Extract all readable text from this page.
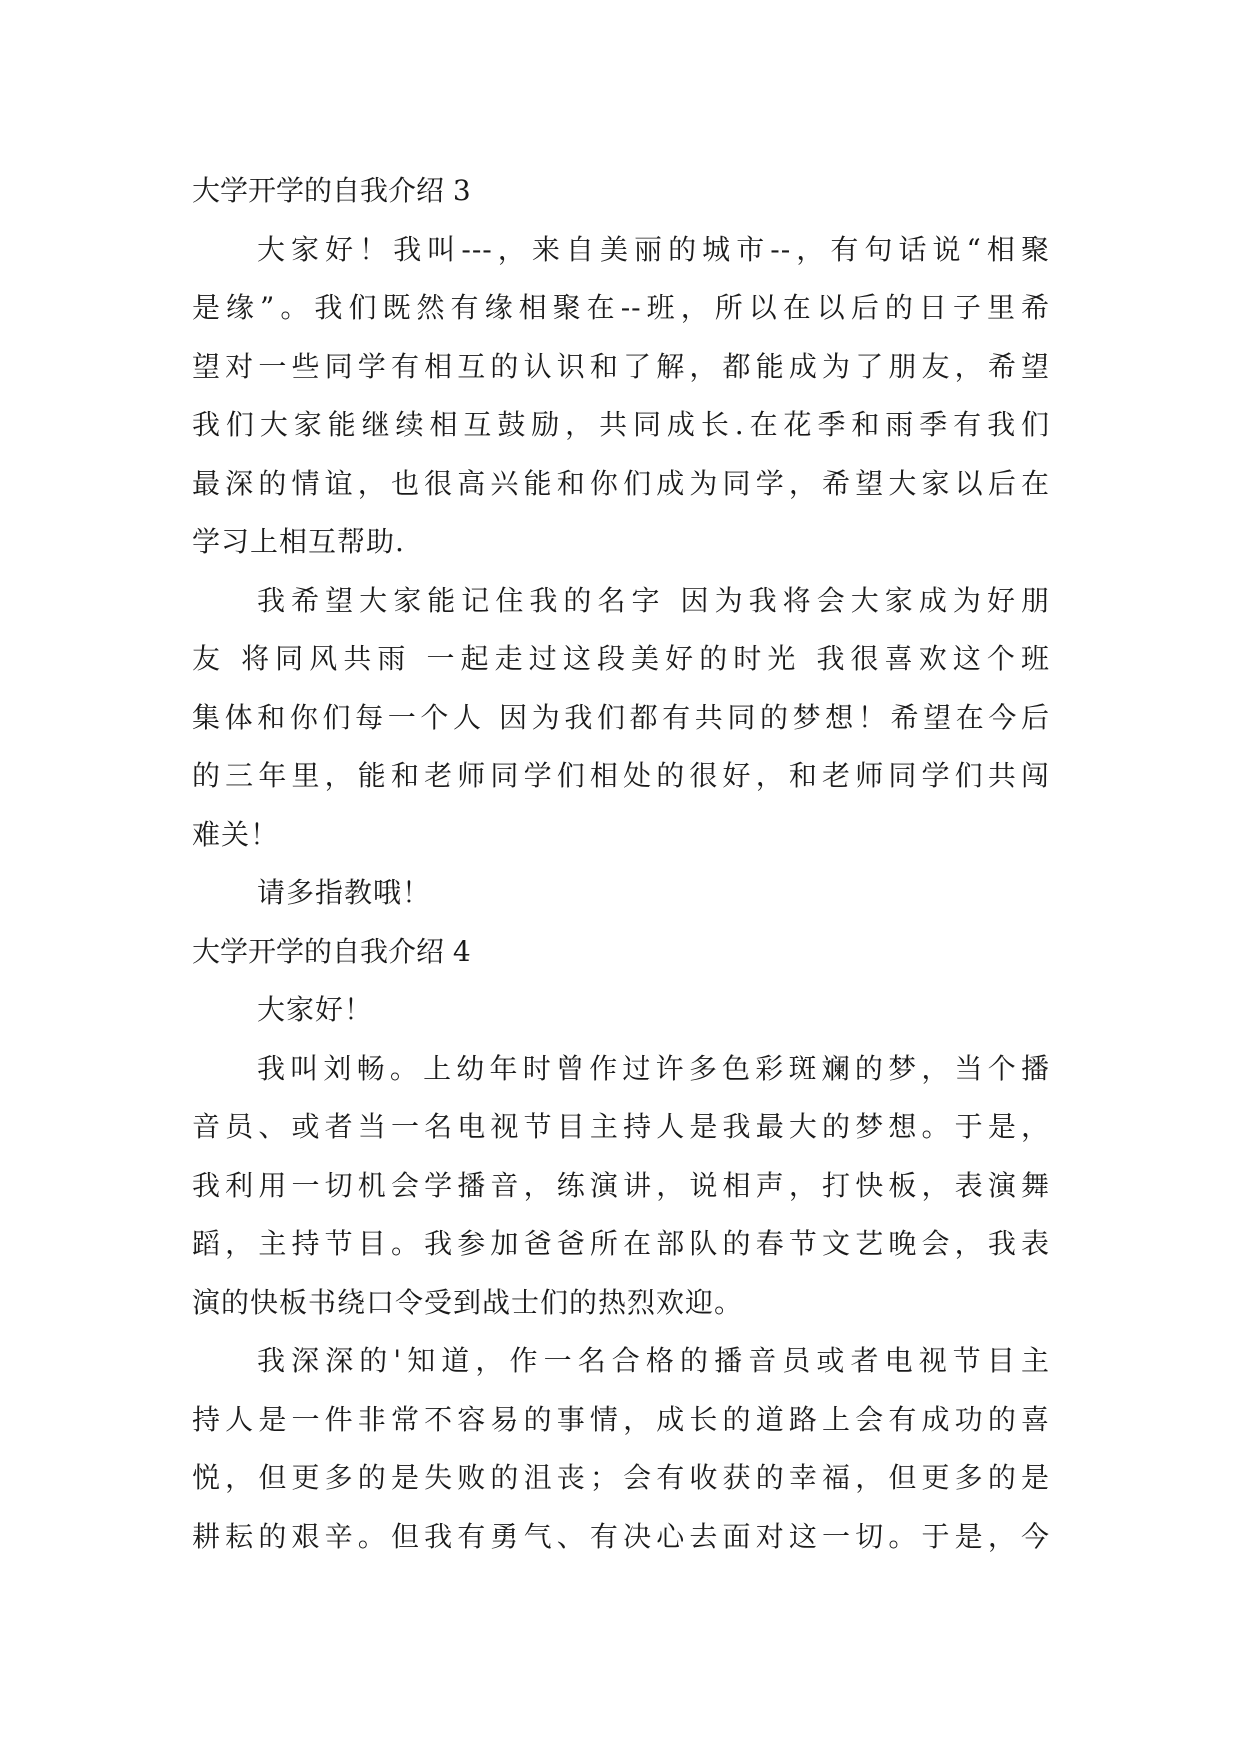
大学开学的自我介绍 3
大家好！我叫---，来自美丽的城市--，有句话说“相聚
是缘”。我们既然有缘相聚在--班，所以在以后的日子里希
望对一些同学有相互的认识和了解，都能成为了朋友，希望
我们大家能继续相互鼓励，共同成长.在花季和雨季有我们
最深的情谊，也很高兴能和你们成为同学，希望大家以后在
学习上相互帮助.
我希望大家能记住我的名字 因为我将会大家成为好朋
友 将同风共雨 一起走过这段美好的时光 我很喜欢这个班
集体和你们每一个人 因为我们都有共同的梦想！希望在今后
的三年里，能和老师同学们相处的很好，和老师同学们共闯
难关！
请多指教哦！
大学开学的自我介绍 4
大家好！
我叫刘畅。上幼年时曾作过许多色彩斑斓的梦，当个播
音员、或者当一名电视节目主持人是我最大的梦想。于是，
我利用一切机会学播音，练演讲，说相声，打快板，表演舞
蹈，主持节目。我参加爸爸所在部队的春节文艺晚会，我表
演的快板书绕口令受到战士们的热烈欢迎。
我深深的'知道，作一名合格的播音员或者电视节目主
持人是一件非常不容易的事情，成长的道路上会有成功的喜
悦，但更多的是失败的沮丧；会有收获的幸福，但更多的是
耕耘的艰辛。但我有勇气、有决心去面对这一切。于是，今
